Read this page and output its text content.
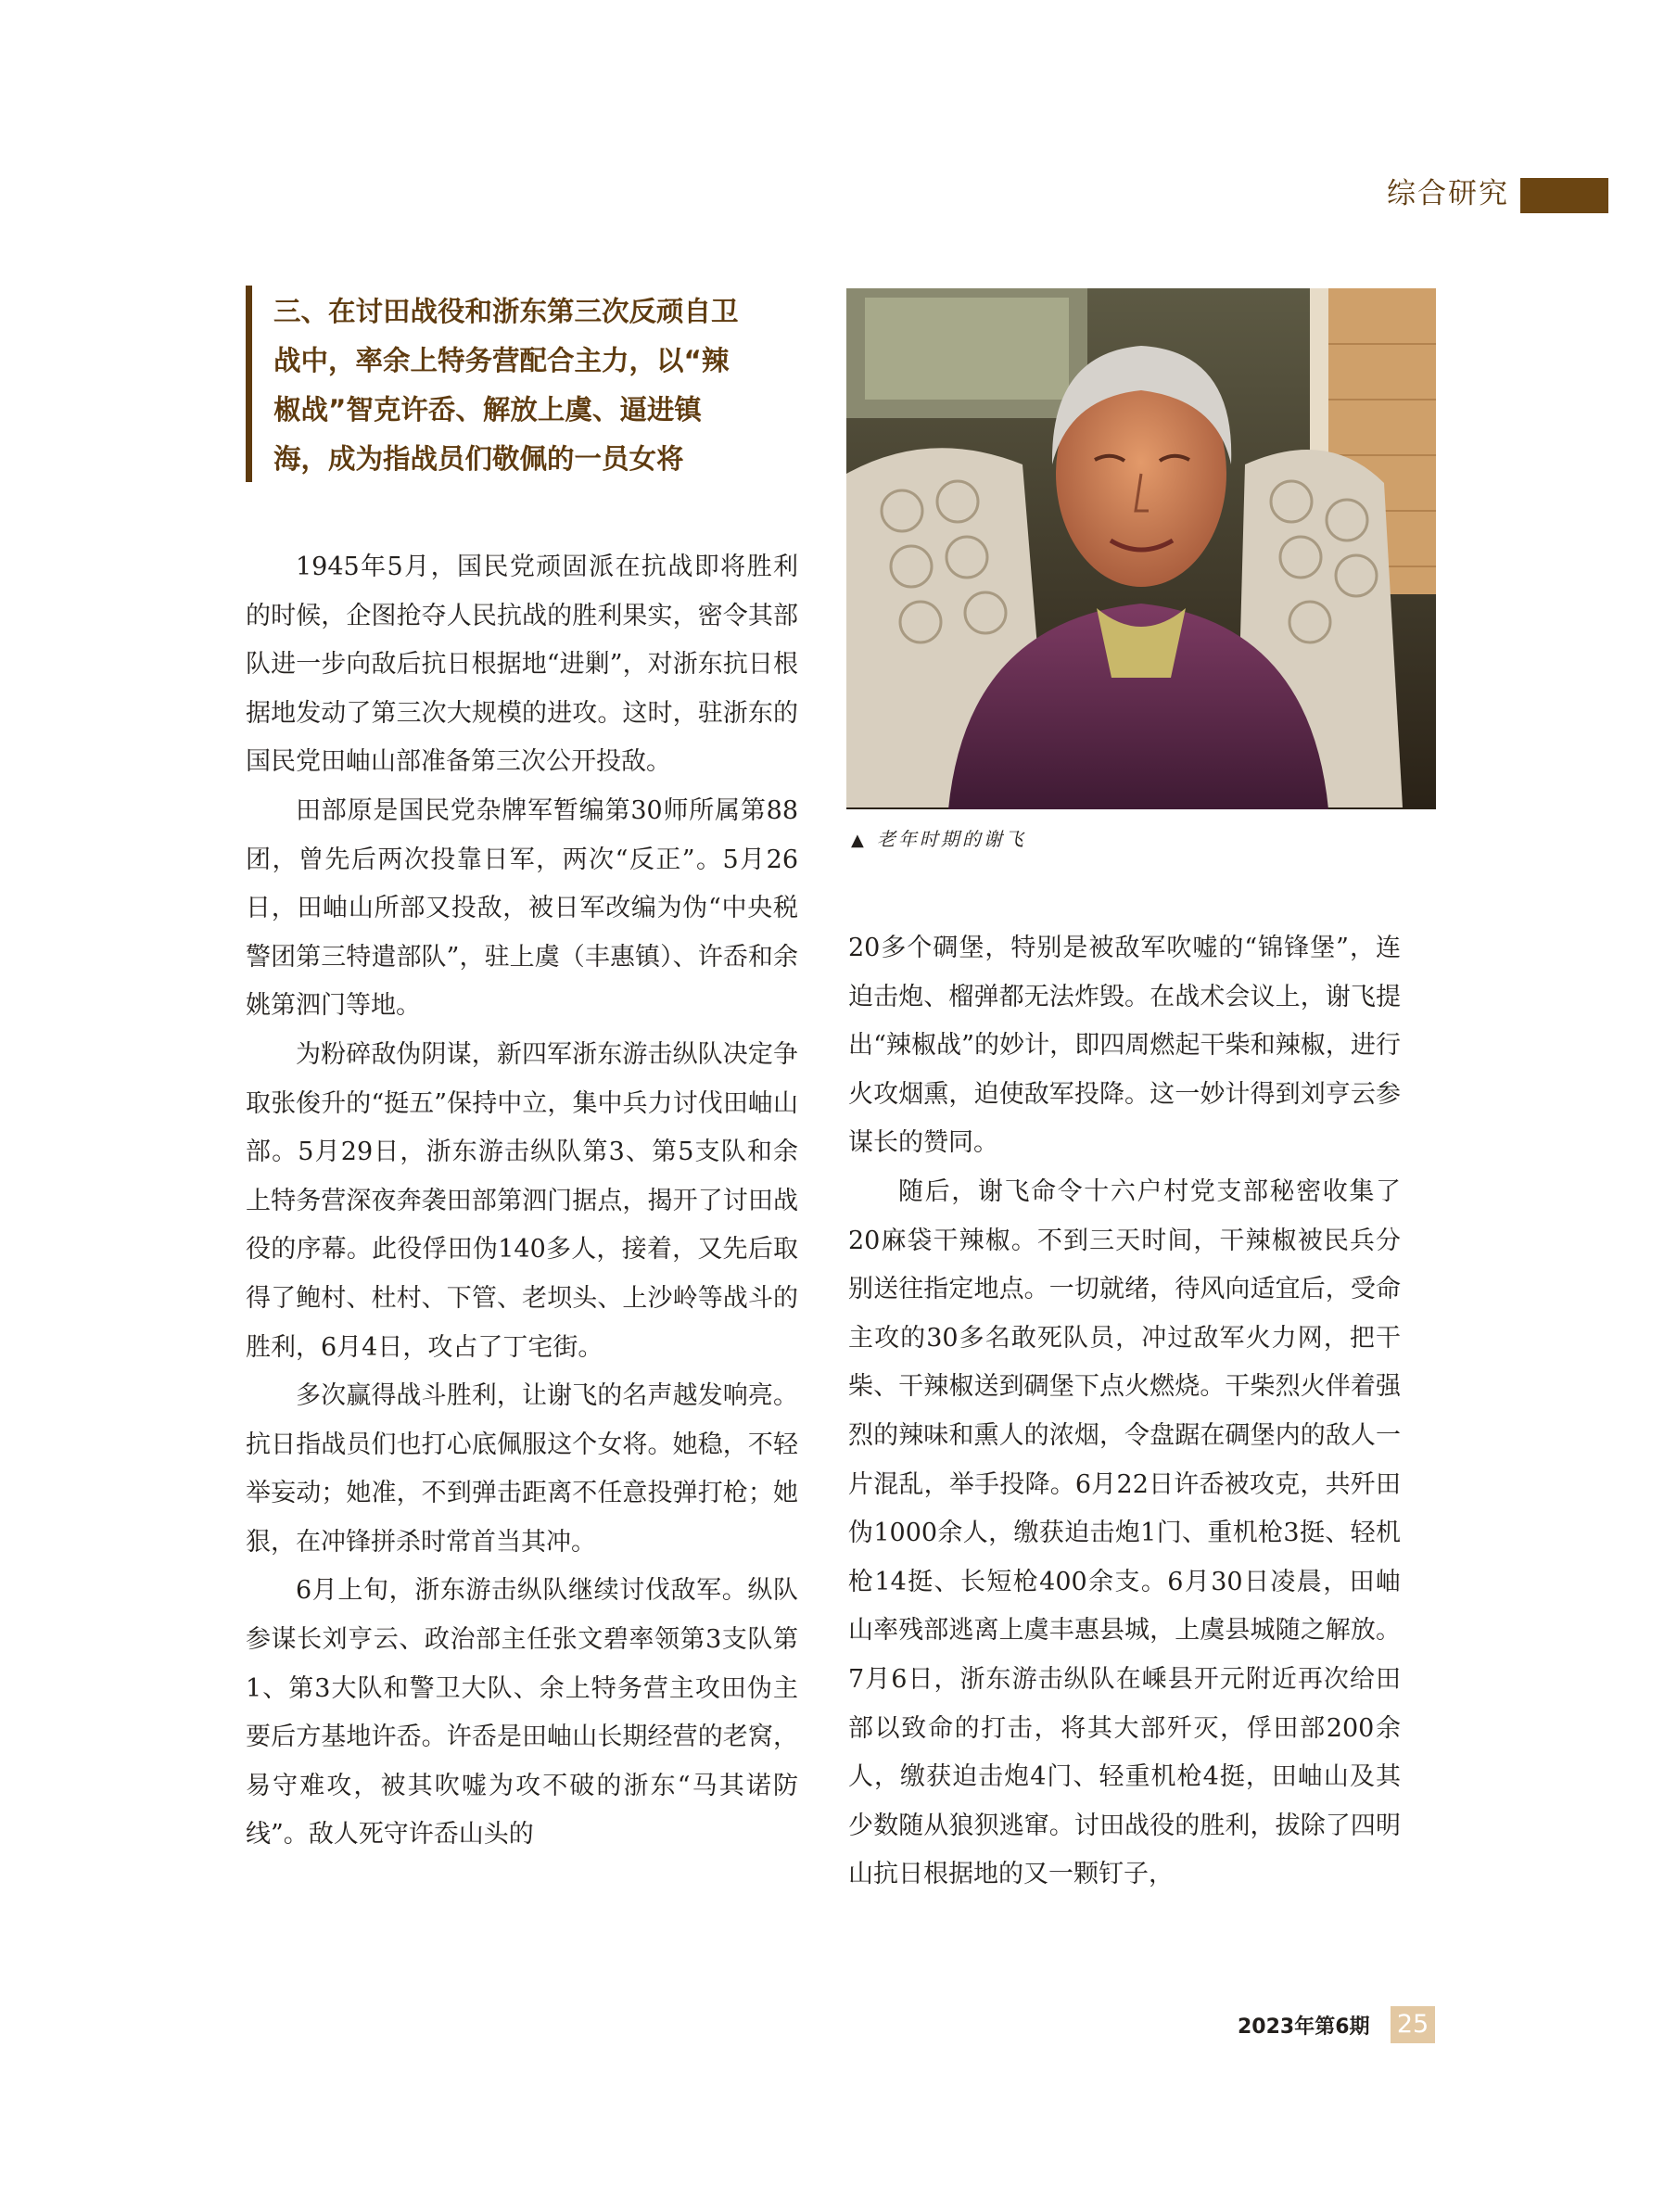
综合研究
三、在讨田战役和浙东第三次反顽自卫
战中，率余上特务营配合主力，以“辣
椒战”智克许岙、解放上虞、逼进镇
海，成为指战员们敬佩的一员女将
▲ 老年时期的谢飞

1945年5月，国民党顽固派在抗战即将胜利的时候，企图抢夺人民抗战的胜利果实，密令其部队进一步向敌后抗日根据地“进剿”，对浙东抗日根据地发动了第三次大规模的进攻。这时，驻浙东的国民党田岫山部准备第三次公开投敌。

田部原是国民党杂牌军暂编第30师所属第88团，曾先后两次投靠日军，两次“反正”。5月26日，田岫山所部又投敌，被日军改编为伪“中央税警团第三特遣部队”，驻上虞（丰惠镇）、许岙和余姚第泗门等地。

为粉碎敌伪阴谋，新四军浙东游击纵队决定争取张俊升的“挺五”保持中立，集中兵力讨伐田岫山部。5月29日，浙东游击纵队第3、第5支队和余上特务营深夜奔袭田部第泗门据点，揭开了讨田战役的序幕。此役俘田伪140多人，接着，又先后取得了鲍村、杜村、下管、老坝头、上沙岭等战斗的胜利，6月4日，攻占了丁宅街。

多次赢得战斗胜利，让谢飞的名声越发响亮。抗日指战员们也打心底佩服这个女将。她稳，不轻举妄动；她准，不到弹击距离不任意投弹打枪；她狠，在冲锋拼杀时常首当其冲。

6月上旬，浙东游击纵队继续讨伐敌军。纵队参谋长刘亨云、政治部主任张文碧率领第3支队第1、第3大队和警卫大队、余上特务营主攻田伪主要后方基地许岙。许岙是田岫山长期经营的老窝，易守难攻，被其吹嘘为攻不破的浙东“马其诺防线”。敌人死守许岙山头的

20多个碉堡，特别是被敌军吹嘘的“锦锋堡”，连迫击炮、榴弹都无法炸毁。在战术会议上，谢飞提出“辣椒战”的妙计，即四周燃起干柴和辣椒，进行火攻烟熏，迫使敌军投降。这一妙计得到刘亨云参谋长的赞同。

随后，谢飞命令十六户村党支部秘密收集了20麻袋干辣椒。不到三天时间，干辣椒被民兵分别送往指定地点。一切就绪，待风向适宜后，受命主攻的30多名敢死队员，冲过敌军火力网，把干柴、干辣椒送到碉堡下点火燃烧。干柴烈火伴着强烈的辣味和熏人的浓烟，令盘踞在碉堡内的敌人一片混乱，举手投降。6月22日许岙被攻克，共歼田伪1000余人，缴获迫击炮1门、重机枪3挺、轻机枪14挺、长短枪400余支。6月30日凌晨，田岫山率残部逃离上虞丰惠县城，上虞县城随之解放。7月6日，浙东游击纵队在嵊县开元附近再次给田部以致命的打击，将其大部歼灭，俘田部200余人，缴获迫击炮4门、轻重机枪4挺，田岫山及其少数随从狼狈逃窜。讨田战役的胜利，拔除了四明山抗日根据地的又一颗钉子，

2023年第6期 25
